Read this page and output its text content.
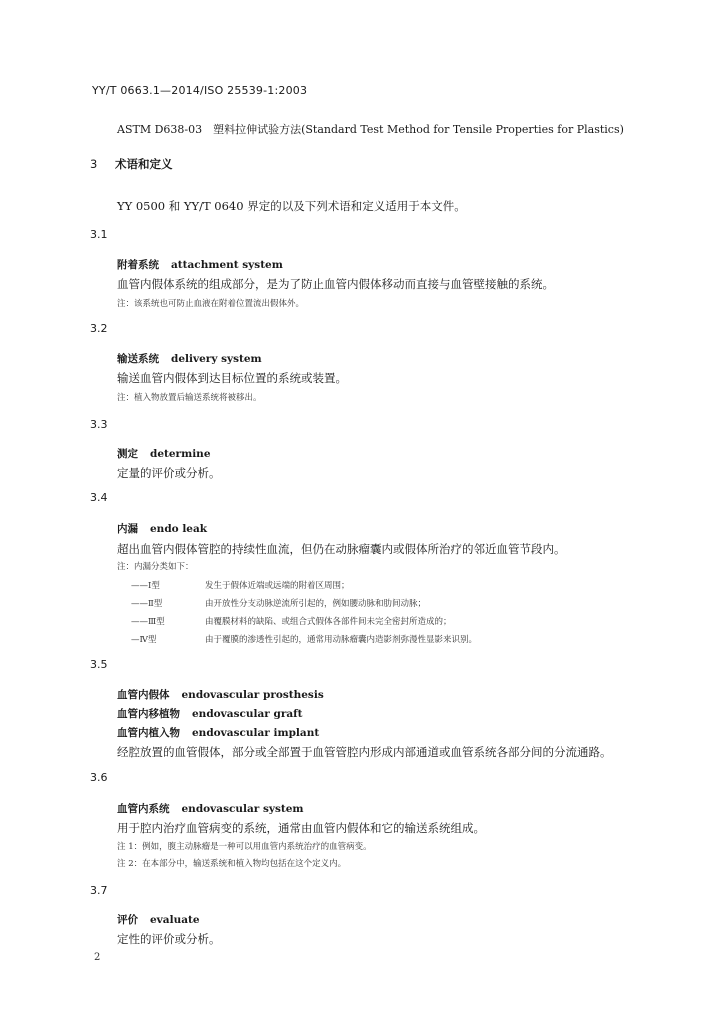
YY/T 0663.1—2014/ISO 25539-1:2003
ASTM D638-03　塑料拉伸试验方法(Standard Test Method for Tensile Properties for Plastics)
3 术语和定义
YY 0500 和 YY/T 0640 界定的以及下列术语和定义适用于本文件。
3.1
附着系统 attachment system
血管内假体系统的组成部分，是为了防止血管内假体移动而直接与血管壁接触的系统。
注：该系统也可防止血液在附着位置流出假体外。
3.2
输送系统 delivery system
输送血管内假体到达目标位置的系统或装置。
注：植入物放置后输送系统将被移出。
3.3
测定 determine
定量的评价或分析。
3.4
内漏 endo leak
超出血管内假体管腔的持续性血流，但仍在动脉瘤囊内或假体所治疗的邻近血管节段内。
注：内漏分类如下：
——Ⅰ型	发生于假体近端或远端的附着区周围；
——Ⅱ型	由开放性分支动脉逆流所引起的，例如腰动脉和肋间动脉；
——Ⅲ型	由覆膜材料的缺陷、或组合式假体各部件间未完全密封所造成的；
—Ⅳ型	由于覆膜的渗透性引起的，通常用动脉瘤囊内造影剂弥漫性显影来识别。
3.5
血管内假体 endovascular prosthesis
血管内移植物 endovascular graft
血管内植入物 endovascular implant
经腔放置的血管假体，部分或全部置于血管管腔内形成内部通道或血管系统各部分间的分流通路。
3.6
血管内系统 endovascular system
用于腔内治疗血管病变的系统，通常由血管内假体和它的输送系统组成。
注 1：例如，腹主动脉瘤是一种可以用血管内系统治疗的血管病变。
注 2：在本部分中，输送系统和植入物均包括在这个定义内。
3.7
评价 evaluate
定性的评价或分析。
2
